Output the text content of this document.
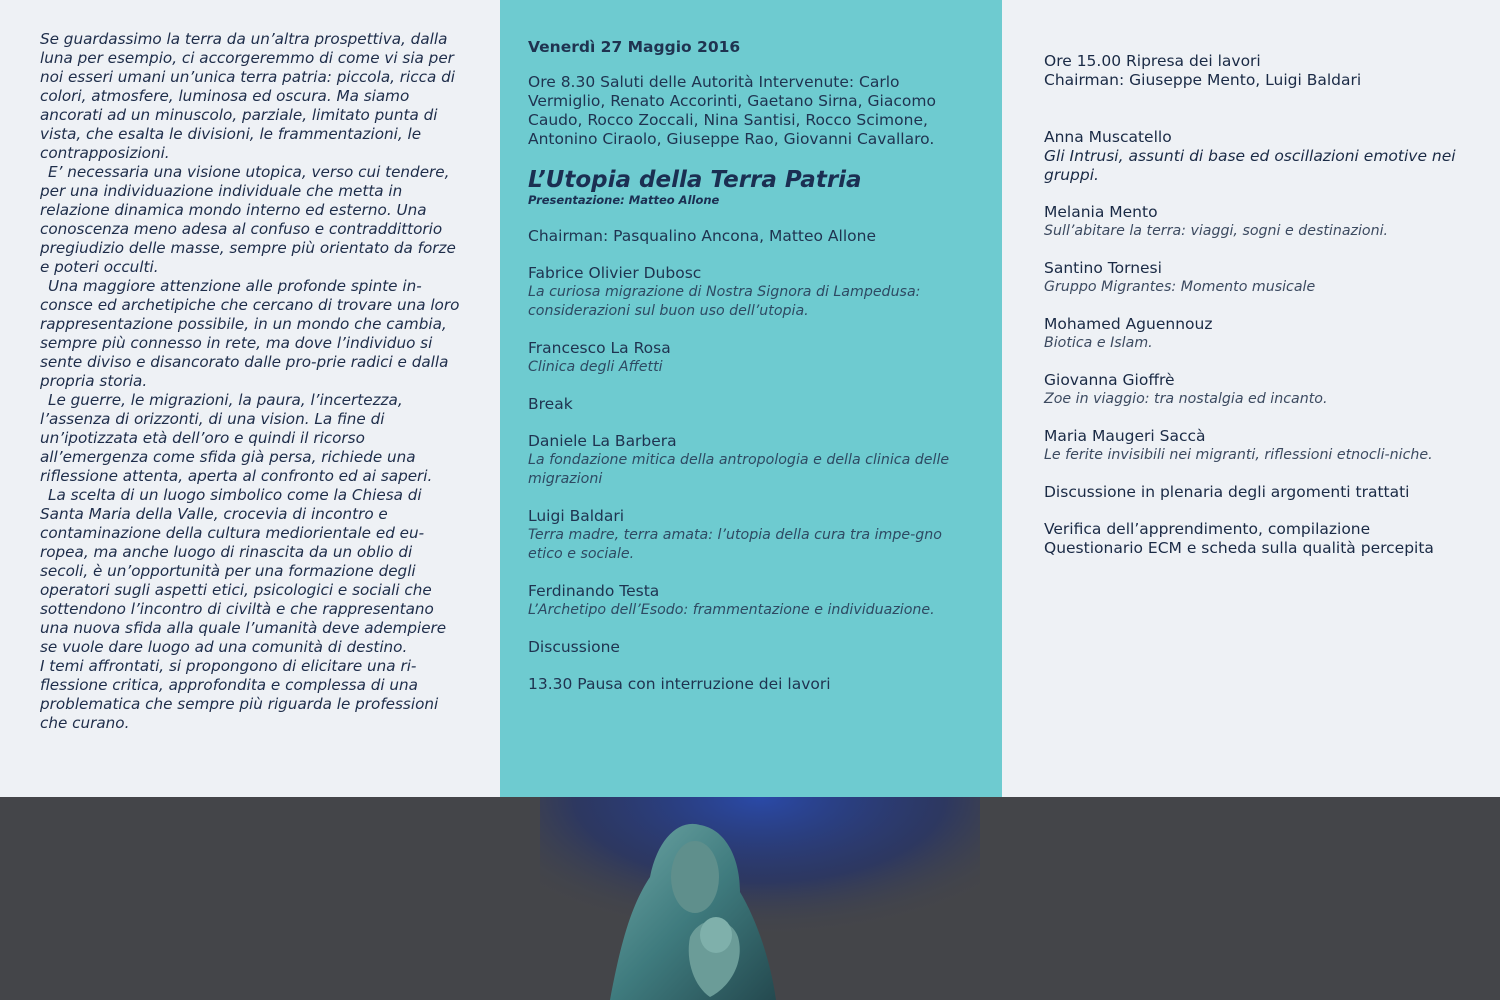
Se guardassimo la terra da un’altra prospettiva, dalla luna per esempio, ci accorgeremmo di come vi sia per noi esseri umani un’unica terra patria: piccola, ricca di colori, atmosfere, luminosa ed oscura. Ma siamo ancorati ad un minuscolo, parziale, limitato punta di vista, che esalta le divisioni, le frammentazioni, le contrapposizioni.

E’ necessaria una visione utopica, verso cui tendere, per una individuazione individuale che metta in relazione dinamica mondo interno ed esterno. Una conoscenza meno adesa al confuso e contraddittorio pregiudizio delle masse, sempre più orientato da forze e poteri occulti.

Una maggiore attenzione alle profonde spinte in-consce ed archetipiche che cercano di trovare una loro rappresentazione possibile, in un mondo che cambia, sempre più connesso in rete, ma dove l’individuo si sente diviso e disancorato dalle pro-prie radici e dalla propria storia.

Le guerre, le migrazioni, la paura, l’incertezza, l’assenza di orizzonti, di una vision. La fine di un’ipotizzata età dell’oro e quindi il ricorso all’emergenza come sfida già persa, richiede una riflessione attenta, aperta al confronto ed ai saperi.

La scelta di un luogo simbolico come la Chiesa di Santa Maria della Valle, crocevia di incontro e contaminazione della cultura mediorientale ed eu-ropea, ma anche luogo di rinascita da un oblio di secoli, è un’opportunità per una formazione degli operatori sugli aspetti etici, psicologici e sociali che sottendono l’incontro di civiltà e che rappresentano una nuova sfida alla quale l’umanità deve adempiere se vuole dare luogo ad una comunità di destino.

I temi affrontati, si propongono di elicitare una ri-flessione critica, approfondita e complessa di una problematica che sempre più riguarda le professioni che curano.

Venerdì 27 Maggio 2016
Ore 8.30 Saluti delle Autorità Intervenute: Carlo Vermiglio, Renato Accorinti, Gaetano Sirna, Giacomo Caudo, Rocco Zoccali, Nina Santisi, Rocco Scimone, Antonino Ciraolo, Giuseppe Rao, Giovanni Cavallaro.
L’Utopia della Terra Patria
Presentazione: Matteo Allone
Chairman: Pasqualino Ancona, Matteo Allone
Fabrice Olivier Dubosc
La curiosa migrazione di Nostra Signora di Lampedusa: considerazioni sul buon uso dell’utopia.
Francesco La Rosa
Clinica degli Affetti
Break
Daniele La Barbera
La fondazione mitica della antropologia e della clinica delle migrazioni
Luigi Baldari
Terra madre, terra amata: l’utopia della cura tra impe-gno etico e sociale.
Ferdinando Testa
L’Archetipo dell’Esodo: frammentazione e individuazione.
Discussione
13.30 Pausa con interruzione dei lavori
Ore 15.00 Ripresa dei lavori
Chairman: Giuseppe Mento, Luigi Baldari
Anna Muscatello
Gli Intrusi, assunti di base ed oscillazioni emotive nei gruppi.
Melania Mento
Sull’abitare la terra: viaggi, sogni e destinazioni.
Santino Tornesi
Gruppo Migrantes: Momento musicale
Mohamed Aguennouz
Biotica e Islam.
Giovanna Gioffrè
Zoe in viaggio: tra nostalgia ed incanto.
Maria Maugeri Saccà
Le ferite invisibili nei migranti, riflessioni etnocli-niche.
Discussione in plenaria degli argomenti trattati
Verifica dell’apprendimento, compilazione Questionario ECM e scheda sulla qualità percepita
